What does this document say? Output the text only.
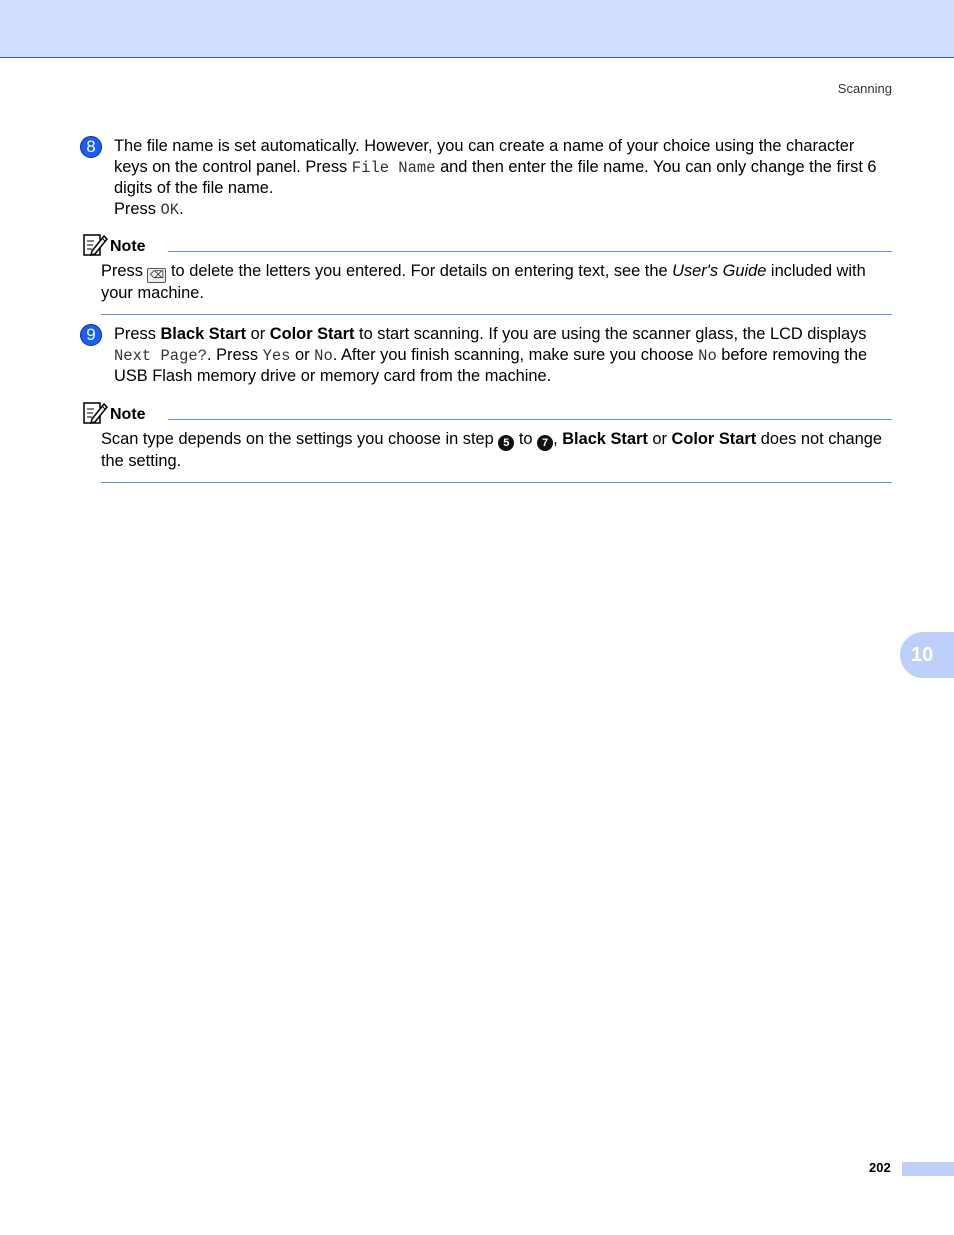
Scanning
8	The file name is set automatically. However, you can create a name of your choice using the character keys on the control panel. Press File Name and then enter the file name. You can only change the first 6 digits of the file name.
Press OK.
Note
Press ⌫ to delete the letters you entered. For details on entering text, see the User's Guide included with your machine.
9	Press Black Start or Color Start to start scanning. If you are using the scanner glass, the LCD displays Next Page?. Press Yes or No. After you finish scanning, make sure you choose No before removing the USB Flash memory drive or memory card from the machine.
Note
Scan type depends on the settings you choose in step 5 to 7 , Black Start or Color Start does not change the setting.
10
202
